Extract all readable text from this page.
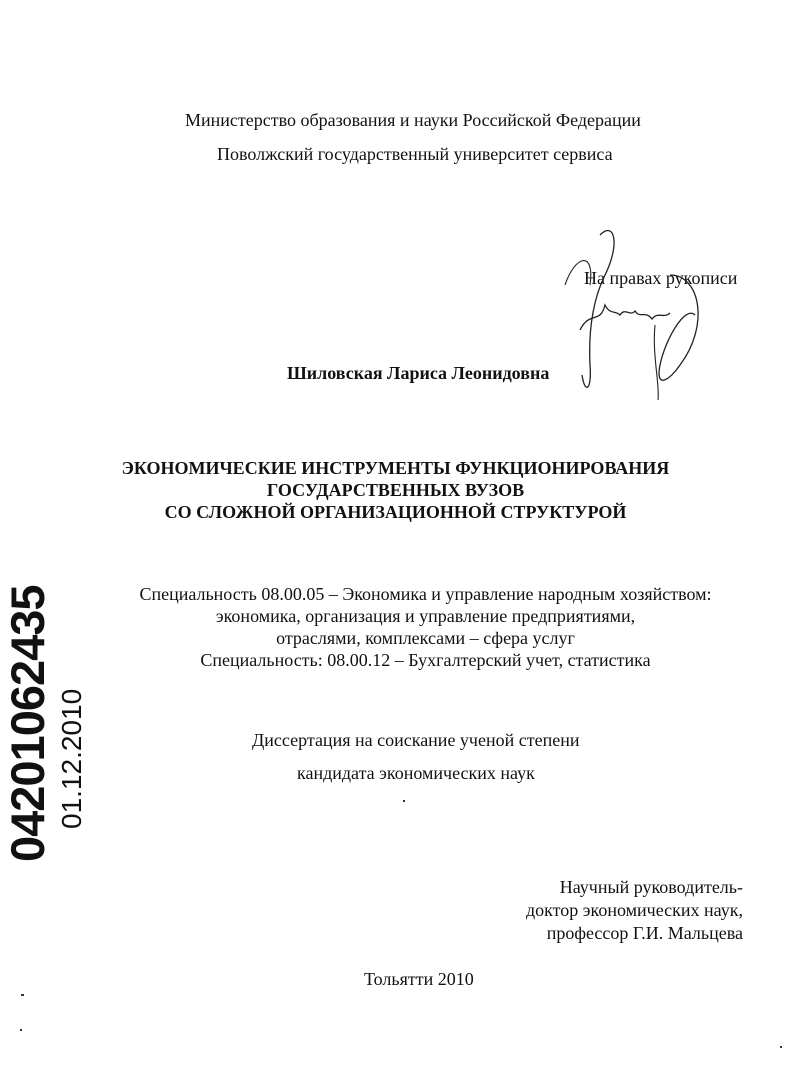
Министерство образования и науки Российской Федерации
Поволжский государственный университет сервиса
На правах рукописи
Шиловская Лариса Леонидовна
ЭКОНОМИЧЕСКИЕ ИНСТРУМЕНТЫ ФУНКЦИОНИРОВАНИЯ
ГОСУДАРСТВЕННЫХ ВУЗОВ
СО СЛОЖНОЙ ОРГАНИЗАЦИОННОЙ СТРУКТУРОЙ
Специальность 08.00.05 – Экономика и управление народным хозяйством:
экономика, организация и управление предприятиями,
отраслями, комплексами – сфера услуг
Специальность: 08.00.12 – Бухгалтерский учет, статистика
Диссертация на соискание ученой степени
кандидата экономических наук
Научный руководитель-
доктор экономических наук,
профессор Г.И. Мальцева
Тольятти 2010
04201062435 01.12.2010
